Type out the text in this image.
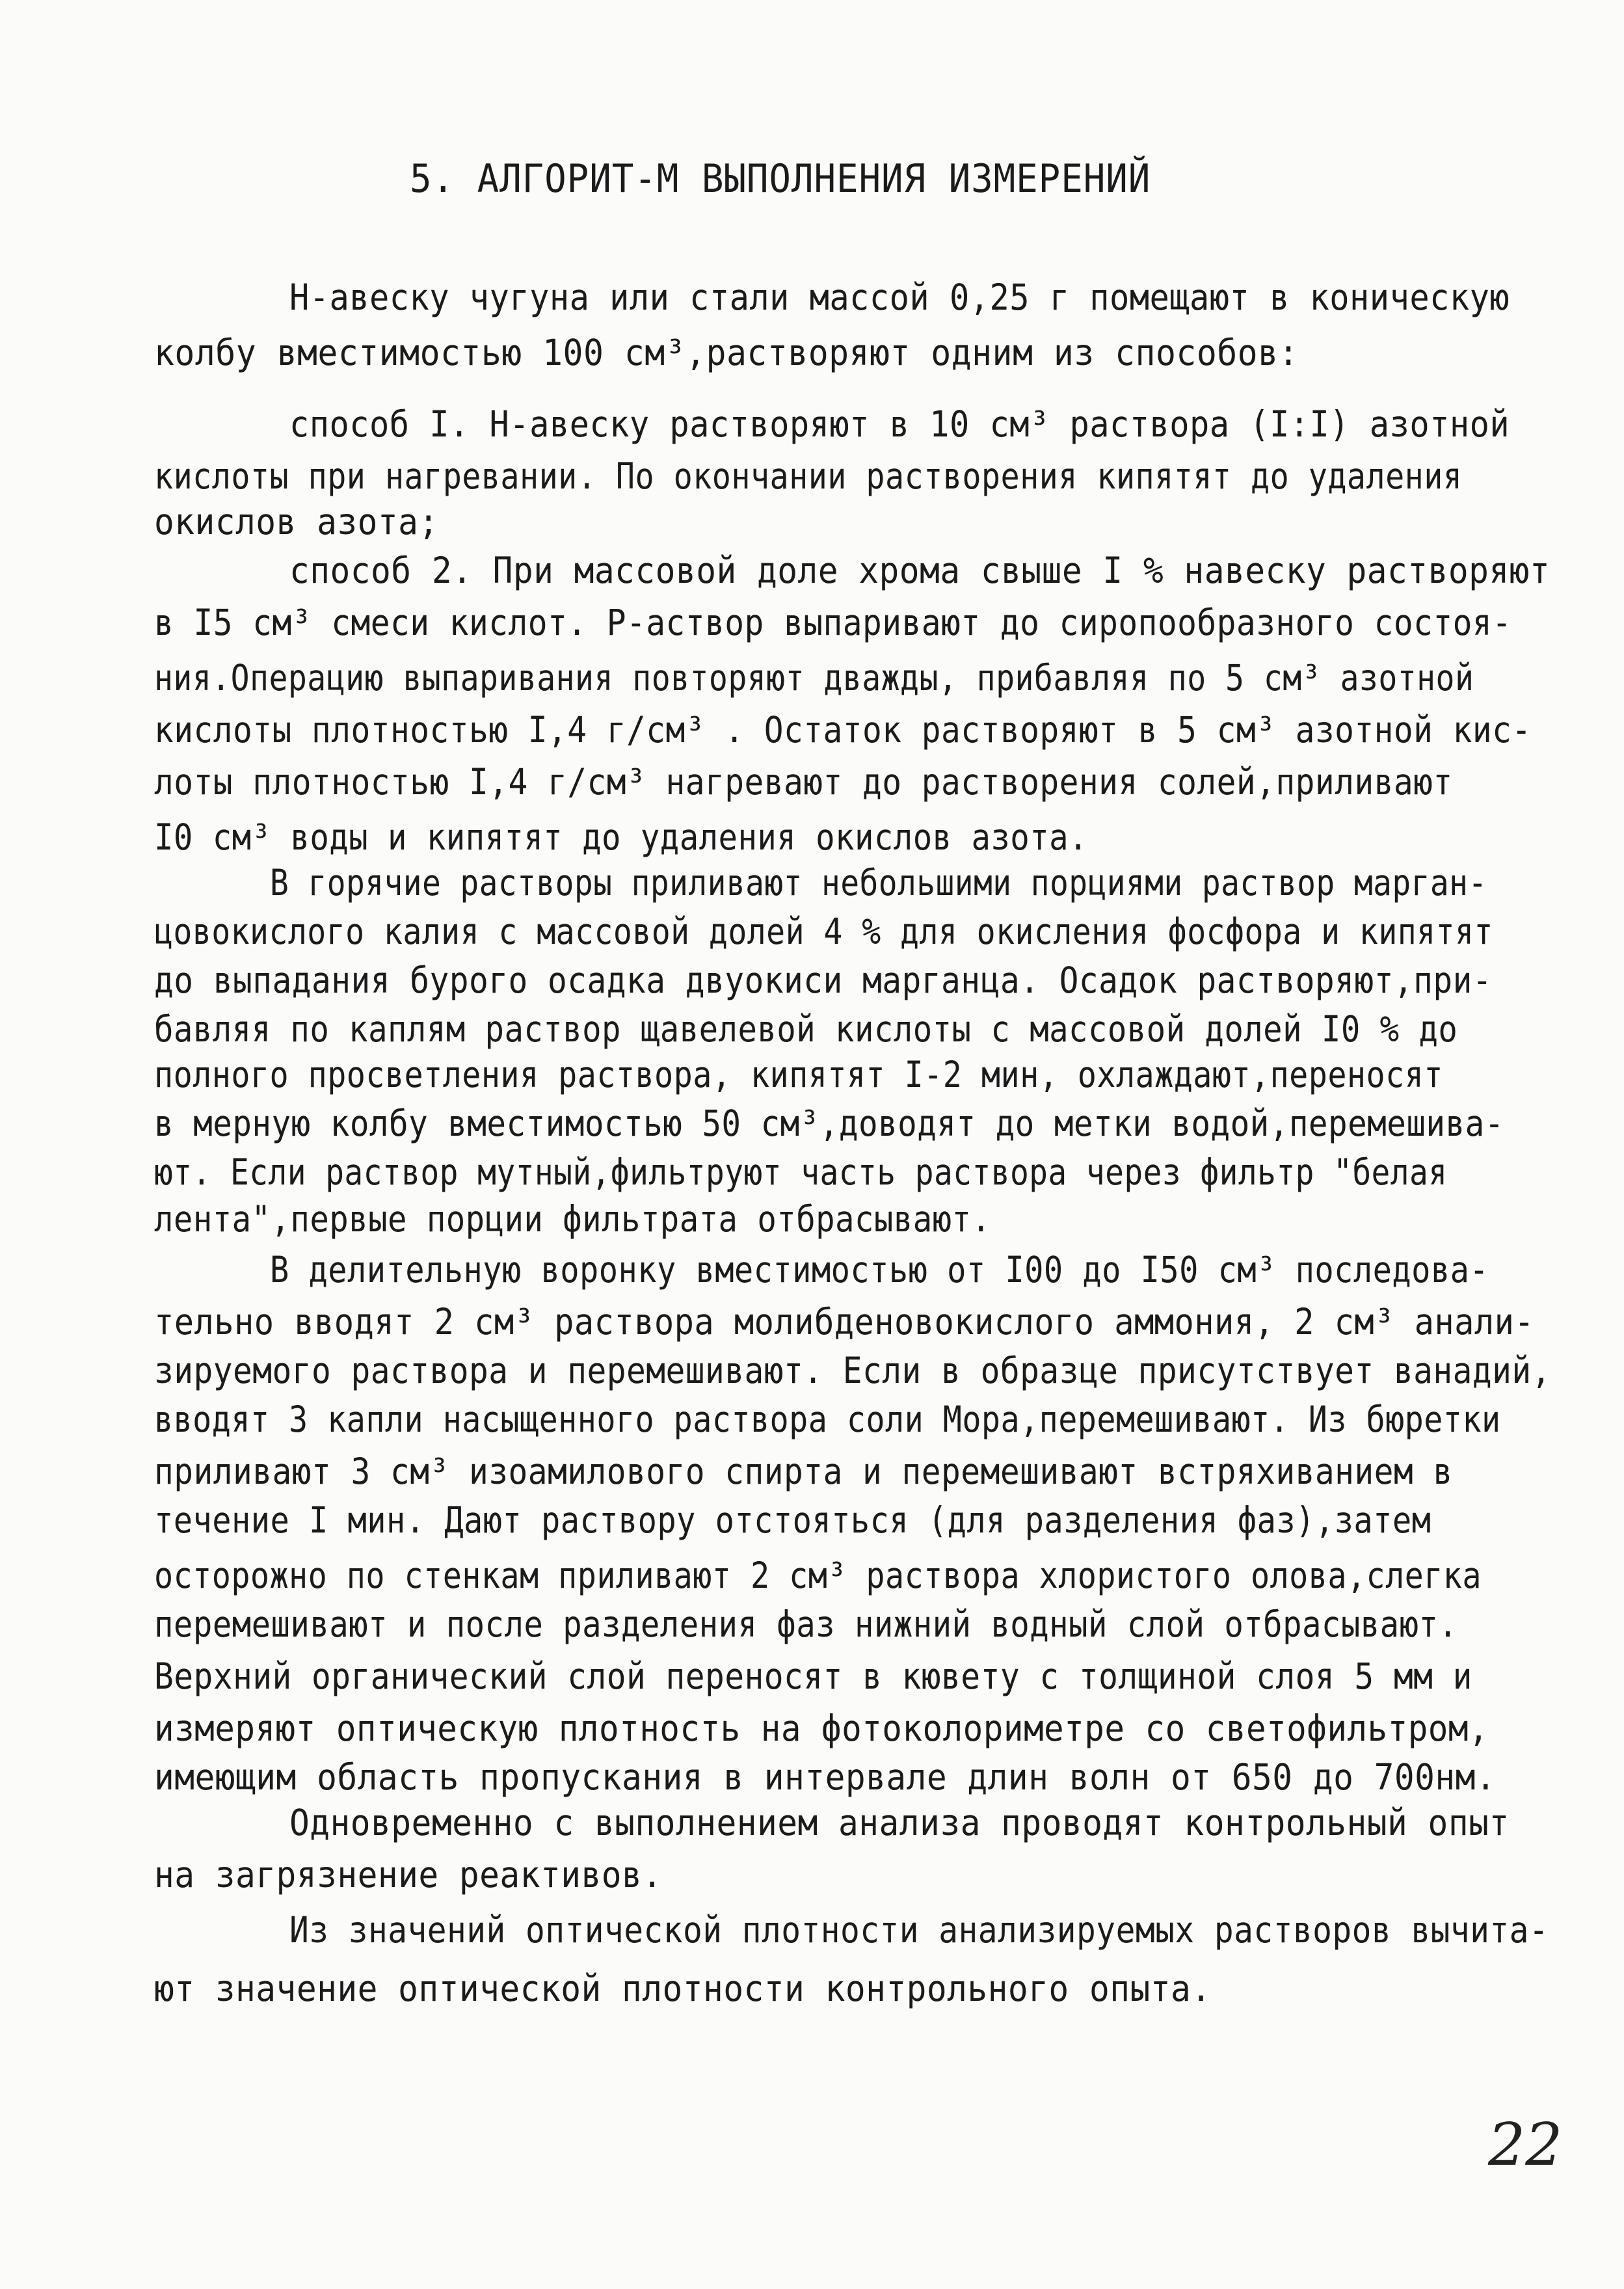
5. АЛГОРИТ-М ВЫПОЛНЕНИЯ ИЗМЕРЕНИЙ
Н-авеску чугуна или стали массой 0,25 г помещают в коническую
колбу вместимостью 100 см³,растворяют одним из способов:
способ I. Н-авеску растворяют в 10 см³ раствора (I:I) азотной
кислоты при нагревании. По окончании растворения кипятят до удаления
окислов азота;
способ 2. При массовой доле хрома свыше I % навеску растворяют
в I5 см³ смеси кислот. Р-аствор выпаривают до сиропообразного состоя-
ния.Операцию выпаривания повторяют дважды, прибавляя по 5 см³ азотной
кислоты плотностью I,4 г/см³ . Остаток растворяют в 5 см³ азотной кис-
лоты плотностью I,4 г/см³ нагревают до растворения солей,приливают
I0 см³ воды и кипятят до удаления окислов азота.
В горячие растворы приливают небольшими порциями раствор марган-
цовокислого калия с массовой долей 4 % для окисления фосфора и кипятят
до выпадания бурого осадка двуокиси марганца. Осадок растворяют,при-
бавляя по каплям раствор щавелевой кислоты с массовой долей I0 % до
полного просветления раствора, кипятят I-2 мин, охлаждают,переносят
в мерную колбу вместимостью 50 см³,доводят до метки водой,перемешива-
ют. Если раствор мутный,фильтруют часть раствора через фильтр "белая
лента",первые порции фильтрата отбрасывают.
В делительную воронку вместимостью от I00 до I50 см³ последова-
тельно вводят 2 см³ раствора молибденовокислого аммония, 2 см³ анали-
зируемого раствора и перемешивают. Если в образце присутствует ванадий,
вводят 3 капли насыщенного раствора соли Мора,перемешивают. Из бюретки
приливают 3 см³ изоамилового спирта и перемешивают встряхиванием в
течение I мин. Дают раствору отстояться (для разделения фаз),затем
осторожно по стенкам приливают 2 см³ раствора хлористого олова,слегка
перемешивают и после разделения фаз нижний водный слой отбрасывают.
Верхний органический слой переносят в кювету с толщиной слоя 5 мм и
измеряют оптическую плотность на фотоколориметре со светофильтром,
имеющим область пропускания в интервале длин волн от 650 до 700нм.
Одновременно с выполнением анализа проводят контрольный опыт
на загрязнение реактивов.
Из значений оптической плотности анализируемых растворов вычита-
ют значение оптической плотности контрольного опыта.
22
